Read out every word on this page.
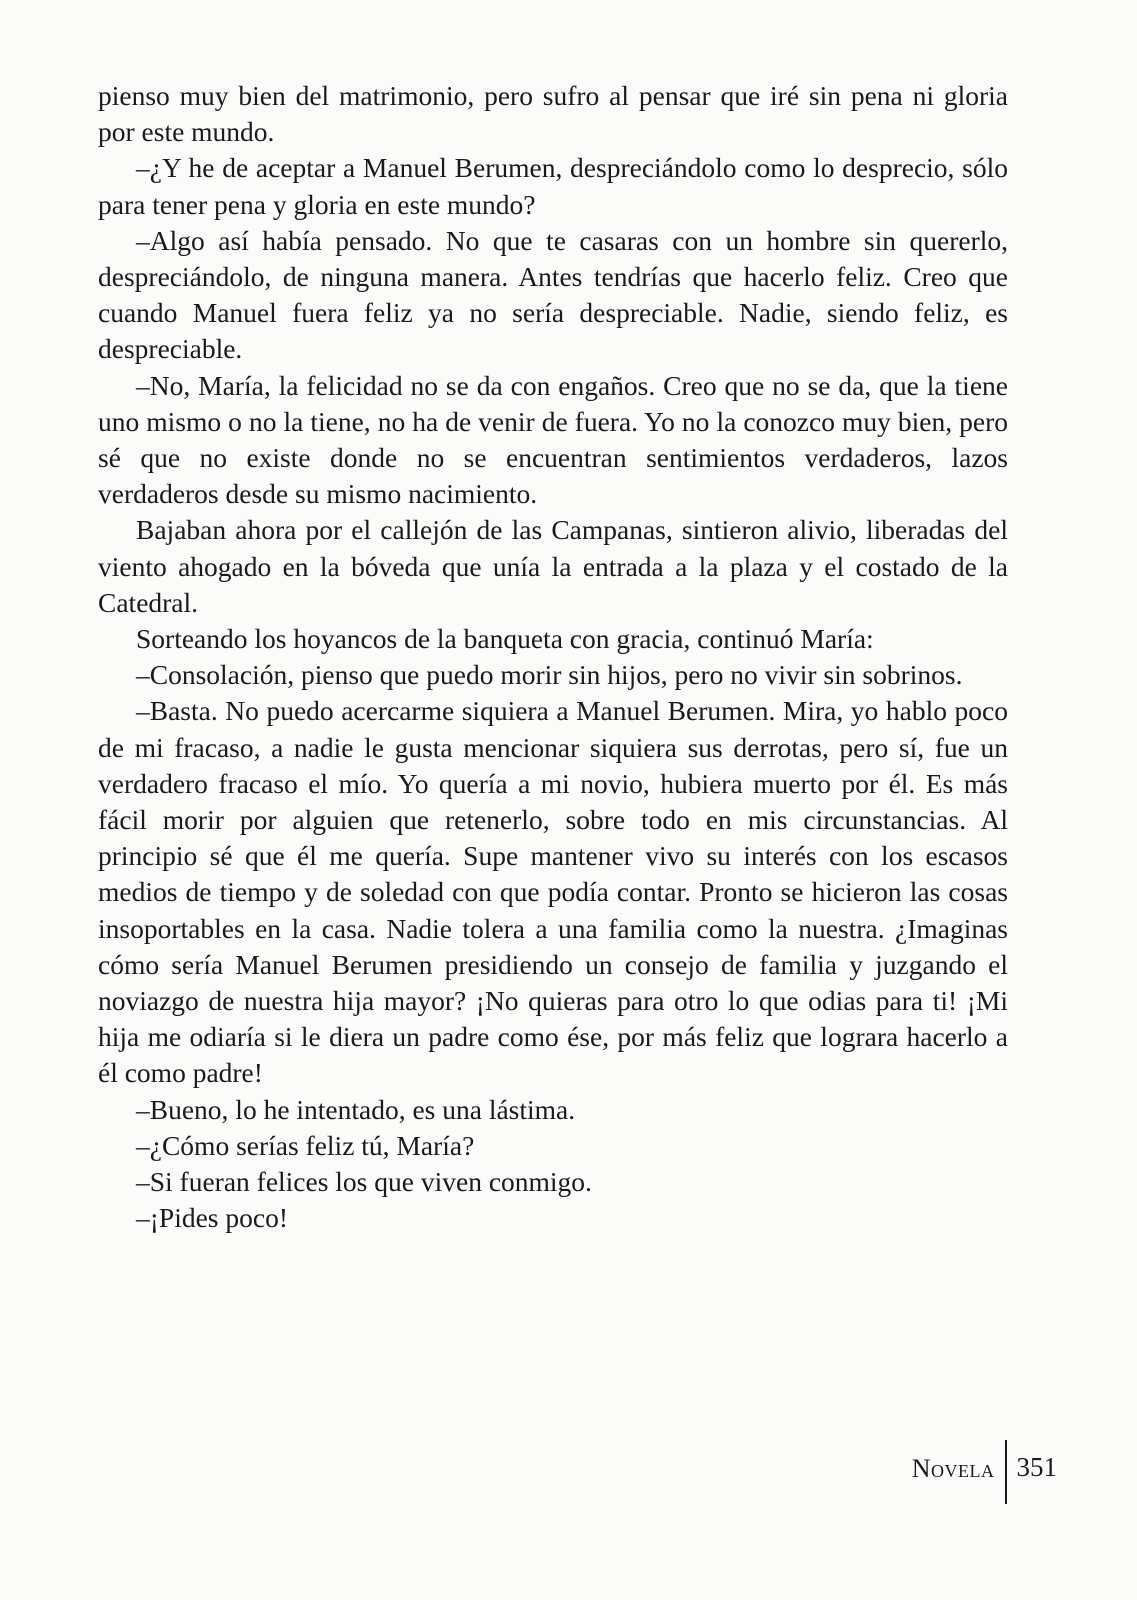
pienso muy bien del matrimonio, pero sufro al pensar que iré sin pena ni gloria por este mundo.

–¿Y he de aceptar a Manuel Berumen, despreciándolo como lo desprecio, sólo para tener pena y gloria en este mundo?

–Algo así había pensado. No que te casaras con un hombre sin quererlo, despreciándolo, de ninguna manera. Antes tendrías que hacerlo feliz. Creo que cuando Manuel fuera feliz ya no sería despreciable. Nadie, siendo feliz, es despreciable.

–No, María, la felicidad no se da con engaños. Creo que no se da, que la tiene uno mismo o no la tiene, no ha de venir de fuera. Yo no la conozco muy bien, pero sé que no existe donde no se encuentran sentimientos verdaderos, lazos verdaderos desde su mismo nacimiento.

Bajaban ahora por el callejón de las Campanas, sintieron alivio, liberadas del viento ahogado en la bóveda que unía la entrada a la plaza y el costado de la Catedral.

Sorteando los hoyancos de la banqueta con gracia, continuó María:

–Consolación, pienso que puedo morir sin hijos, pero no vivir sin sobrinos.

–Basta. No puedo acercarme siquiera a Manuel Berumen. Mira, yo hablo poco de mi fracaso, a nadie le gusta mencionar siquiera sus derrotas, pero sí, fue un verdadero fracaso el mío. Yo quería a mi novio, hubiera muerto por él. Es más fácil morir por alguien que retenerlo, sobre todo en mis circunstancias. Al principio sé que él me quería. Supe mantener vivo su interés con los escasos medios de tiempo y de soledad con que podía contar. Pronto se hicieron las cosas insoportables en la casa. Nadie tolera a una familia como la nuestra. ¿Imaginas cómo sería Manuel Berumen presidiendo un consejo de familia y juzgando el noviazgo de nuestra hija mayor? ¡No quieras para otro lo que odias para ti! ¡Mi hija me odiaría si le diera un padre como ése, por más feliz que lograra hacerlo a él como padre!

–Bueno, lo he intentado, es una lástima.

–¿Cómo serías feliz tú, María?

–Si fueran felices los que viven conmigo.

–¡Pides poco!

Novela 351
